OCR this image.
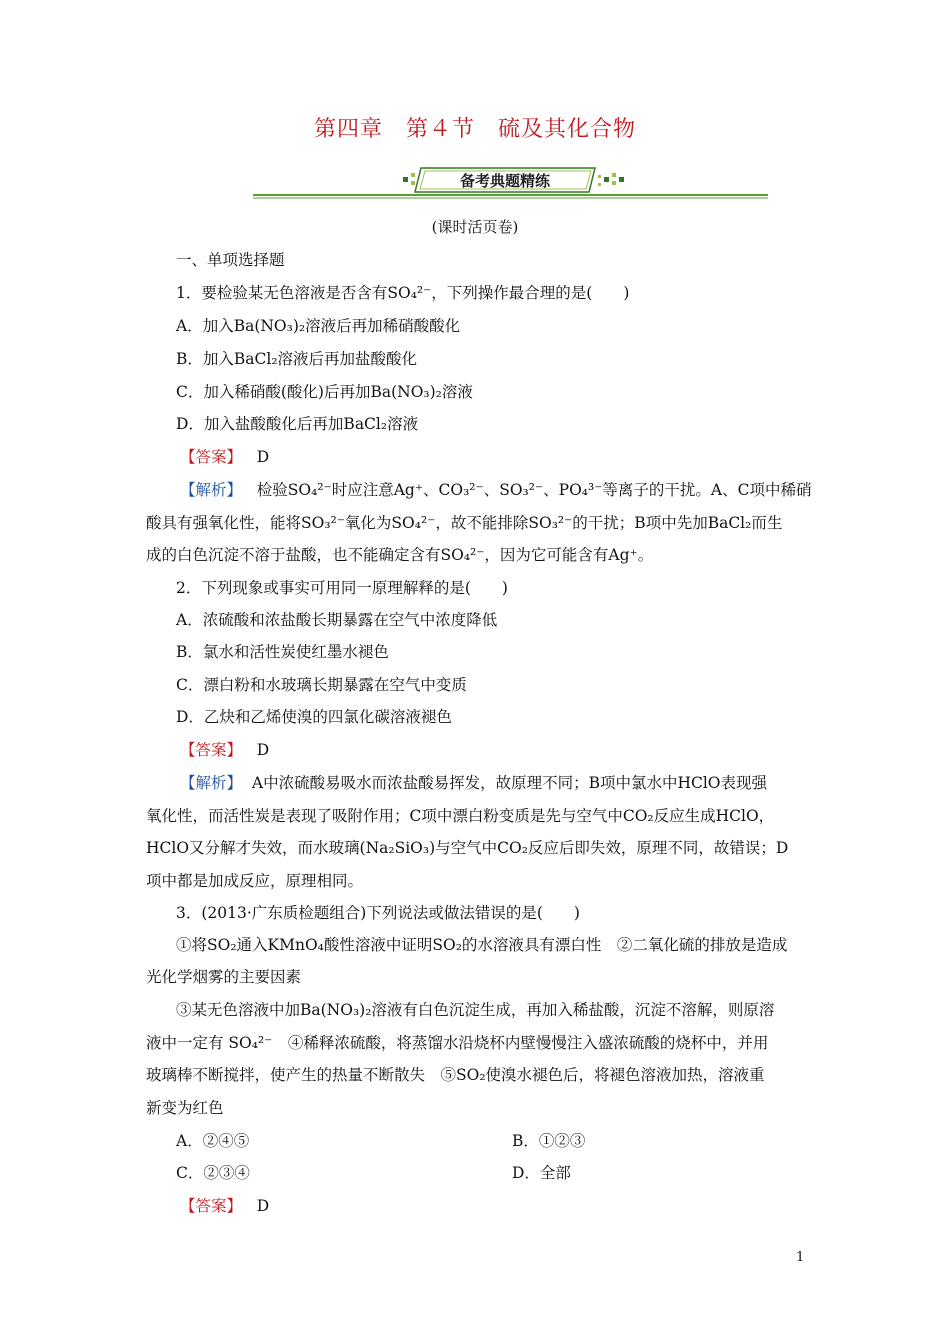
第四章　第４节　硫及其化合物
备考典题精练
(课时活页卷)
一、单项选择题
1．要检验某无色溶液是否含有SO₄²⁻，下列操作最合理的是(　　)
A．加入Ba(NO₃)₂溶液后再加稀硝酸酸化
B．加入BaCl₂溶液后再加盐酸酸化
C．加入稀硝酸(酸化)后再加Ba(NO₃)₂溶液
D．加入盐酸酸化后再加BaCl₂溶液
【答案】 D
【解析】 检验SO₄²⁻时应注意Ag⁺、CO₃²⁻、SO₃²⁻、PO₄³⁻等离子的干扰。A、C项中稀硝
酸具有强氧化性，能将SO₃²⁻氧化为SO₄²⁻，故不能排除SO₃²⁻的干扰；B项中先加BaCl₂而生
成的白色沉淀不溶于盐酸，也不能确定含有SO₄²⁻，因为它可能含有Ag⁺。
2．下列现象或事实可用同一原理解释的是(　　)
A．浓硫酸和浓盐酸长期暴露在空气中浓度降低
B．氯水和活性炭使红墨水褪色
C．漂白粉和水玻璃长期暴露在空气中变质
D．乙炔和乙烯使溴的四氯化碳溶液褪色
【答案】 D
【解析】 A中浓硫酸易吸水而浓盐酸易挥发，故原理不同；B项中氯水中HClO表现强
氧化性，而活性炭是表现了吸附作用；C项中漂白粉变质是先与空气中CO₂反应生成HClO，
HClO又分解才失效，而水玻璃(Na₂SiO₃)与空气中CO₂反应后即失效，原理不同，故错误；D
项中都是加成反应，原理相同。
3．(2013·广东质检题组合)下列说法或做法错误的是(　　)
①将SO₂通入KMnO₄酸性溶液中证明SO₂的水溶液具有漂白性　②二氧化硫的排放是造成
光化学烟雾的主要因素
③某无色溶液中加Ba(NO₃)₂溶液有白色沉淀生成，再加入稀盐酸，沉淀不溶解，则原溶
液中一定有 SO₄²⁻　④稀释浓硫酸，将蒸馏水沿烧杯内壁慢慢注入盛浓硫酸的烧杯中，并用
玻璃棒不断搅拌，使产生的热量不断散失　⑤SO₂使溴水褪色后，将褪色溶液加热，溶液重
新变为红色
A．②④⑤	B．①②③
C．②③④	D．全部
【答案】 D
1
